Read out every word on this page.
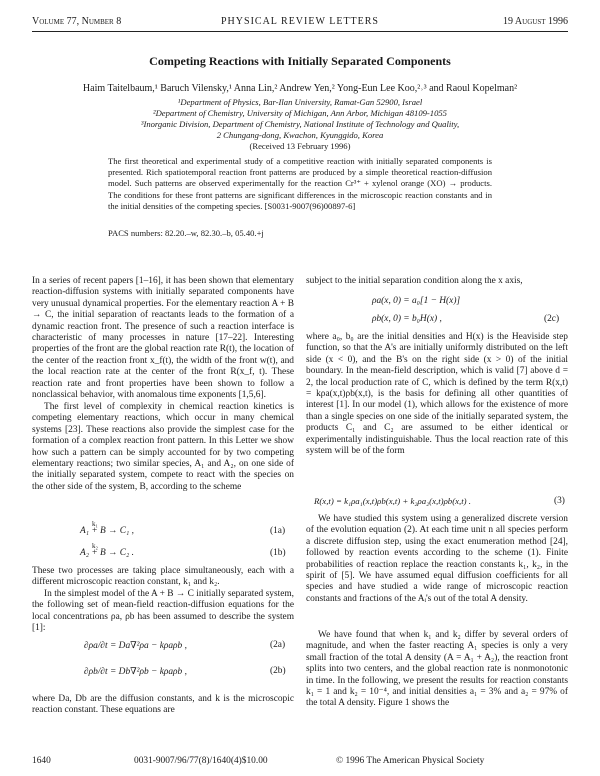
Volume 77, Number 8	PHYSICAL REVIEW LETTERS	19 August 1996
Competing Reactions with Initially Separated Components
Haim Taitelbaum,¹ Baruch Vilensky,¹ Anna Lin,² Andrew Yen,² Yong-Eun Lee Koo,²˒³ and Raoul Kopelman²
¹Department of Physics, Bar-Ilan University, Ramat-Gan 52900, Israel
²Department of Chemistry, University of Michigan, Ann Arbor, Michigan 48109-1055
³Inorganic Division, Department of Chemistry, National Institute of Technology and Quality,
2 Chungang-dong, Kwachon, Kyunggido, Korea
(Received 13 February 1996)
The first theoretical and experimental study of a competitive reaction with initially separated components is presented. Rich spatiotemporal reaction front patterns are produced by a simple theoretical reaction-diffusion model. Such patterns are observed experimentally for the reaction Cr³⁺ + xylenol orange (XO) → products. The conditions for these front patterns are significant differences in the microscopic reaction constants and in the initial densities of the competing species. [S0031-9007(96)00897-6]
PACS numbers: 82.20.–w, 82.30.–b, 05.40.+j
In a series of recent papers [1–16], it has been shown that elementary reaction-diffusion systems with initially separated components have very unusual dynamical properties. For the elementary reaction A + B → C, the initial separation of reactants leads to the formation of a dynamic reaction front. The presence of such a reaction interface is characteristic of many processes in nature [17–22]. Interesting properties of the front are the global reaction rate R(t), the location of the center of the reaction front x_f(t), the width of the front w(t), and the local reaction rate at the center of the front R(x_f, t). These reaction rate and front properties have been shown to follow a nonclassical behavior, with anomalous time exponents [1,5,6].
The first level of complexity in chemical reaction kinetics is competing elementary reactions, which occur in many chemical systems [23]. These reactions also provide the simplest case for the formation of a complex reaction front pattern. In this Letter we show how such a pattern can be simply accounted for by two competing elementary reactions; two similar species, A₁ and A₂, on one side of the initially separated system, compete to react with the species on the other side of the system, B, according to the scheme
k₁
A₁ + B → C₁ ,	(1a)
k₂
A₂ + B → C₂ .	(1b)
These two processes are taking place simultaneously, each with a different microscopic reaction constant, k₁ and k₂.
In the simplest model of the A + B → C initially separated system, the following set of mean-field reaction-diffusion equations for the local concentrations ρa, ρb has been assumed to describe the system [1]:
∂ρa/∂t = Da∇²ρa − kρaρb ,	(2a)
∂ρb/∂t = Db∇²ρb − kρaρb ,	(2b)
where Da, Db are the diffusion constants, and k is the microscopic reaction constant. These equations are
subject to the initial separation condition along the x axis,
ρa(x, 0) = a₀[1 − H(x)]
ρb(x, 0) = b₀H(x) ,	(2c)
where a₀, b₀ are the initial densities and H(x) is the Heaviside step function, so that the A's are initially uniformly distributed on the left side (x < 0), and the B's on the right side (x > 0) of the initial boundary. In the mean-field description, which is valid [7] above d = 2, the local production rate of C, which is defined by the term R(x,t) = kρa(x,t)ρb(x,t), is the basis for defining all other quantities of interest [1]. In our model (1), which allows for the existence of more than a single species on one side of the initially separated system, the products C₁ and C₂ are assumed to be either identical or experimentally indistinguishable. Thus the local reaction rate of this system will be of the form
R(x,t) = k₁ρa₁(x,t)ρb(x,t) + k₂ρa₂(x,t)ρb(x,t) .	(3)
We have studied this system using a generalized discrete version of the evolution equation (2). At each time unit n all species perform a discrete diffusion step, using the exact enumeration method [24], followed by reaction events according to the scheme (1). Finite probabilities of reaction replace the reaction constants k₁, k₂, in the spirit of [5]. We have assumed equal diffusion coefficients for all species and have studied a wide range of microscopic reaction constants and fractions of the Aᵢ's out of the total A density.
We have found that when k₁ and k₂ differ by several orders of magnitude, and when the faster reacting A₁ species is only a very small fraction of the total A density (A = A₁ + A₂), the reaction front splits into two centers, and the global reaction rate is nonmonotonic in time. In the following, we present the results for reaction constants k₁ = 1 and k₂ = 10⁻⁴, and initial densities a₁ = 3% and a₂ = 97% of the total A density. Figure 1 shows the
1640	0031-9007/96/77(8)/1640(4)$10.00	© 1996 The American Physical Society
